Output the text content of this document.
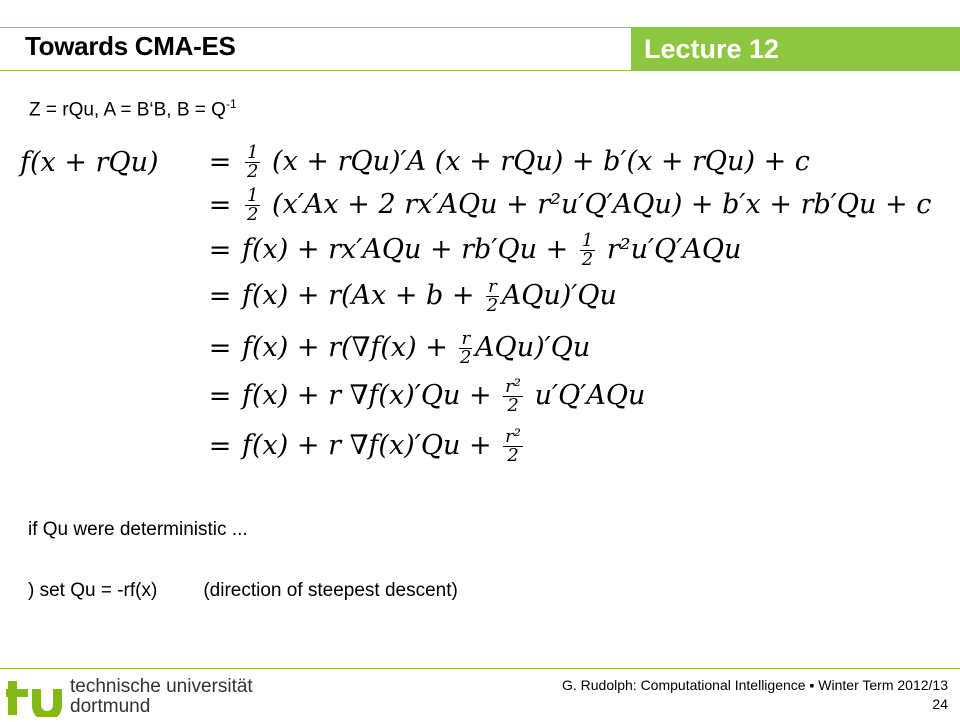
Towards CMA-ES	Lecture 12
Z = rQu, A = B‘B, $B = Q^{-1}$
f(x + rQu)	= $\frac{1}{2} (x + rQu)'A$ (x + rQu) + b′(x + rQu) + c
= $\frac{1}{2} (x'Ax + 2$ rx′AQu + r²u′Q′AQu) + b′x + rb′Qu + c
= $f(x) + rx'AQu + rb'Qu + \frac{1}{2} r^2u'Q'AQu$
= $f(x) + r(Ax + b + \frac{r}{2} AQu)'Qu$
= $f(x) + r(\nabla f(x) + \frac{r}{2} AQu)'Qu$
= f(x) + r $\nabla f(x)'Qu + \frac{\text{r²}}{2} u'Q'AQu$
= f(x) + r $\nabla f(x)'Qu + \frac{\text{r²}}{2}$
if Qu were deterministic ...
) set Qu = -rf(x) (direction of steepest descent)
technische universität
dortmund
G. Rudolph: Computational Intelligence ▪ Winter Term 2012/13
24
